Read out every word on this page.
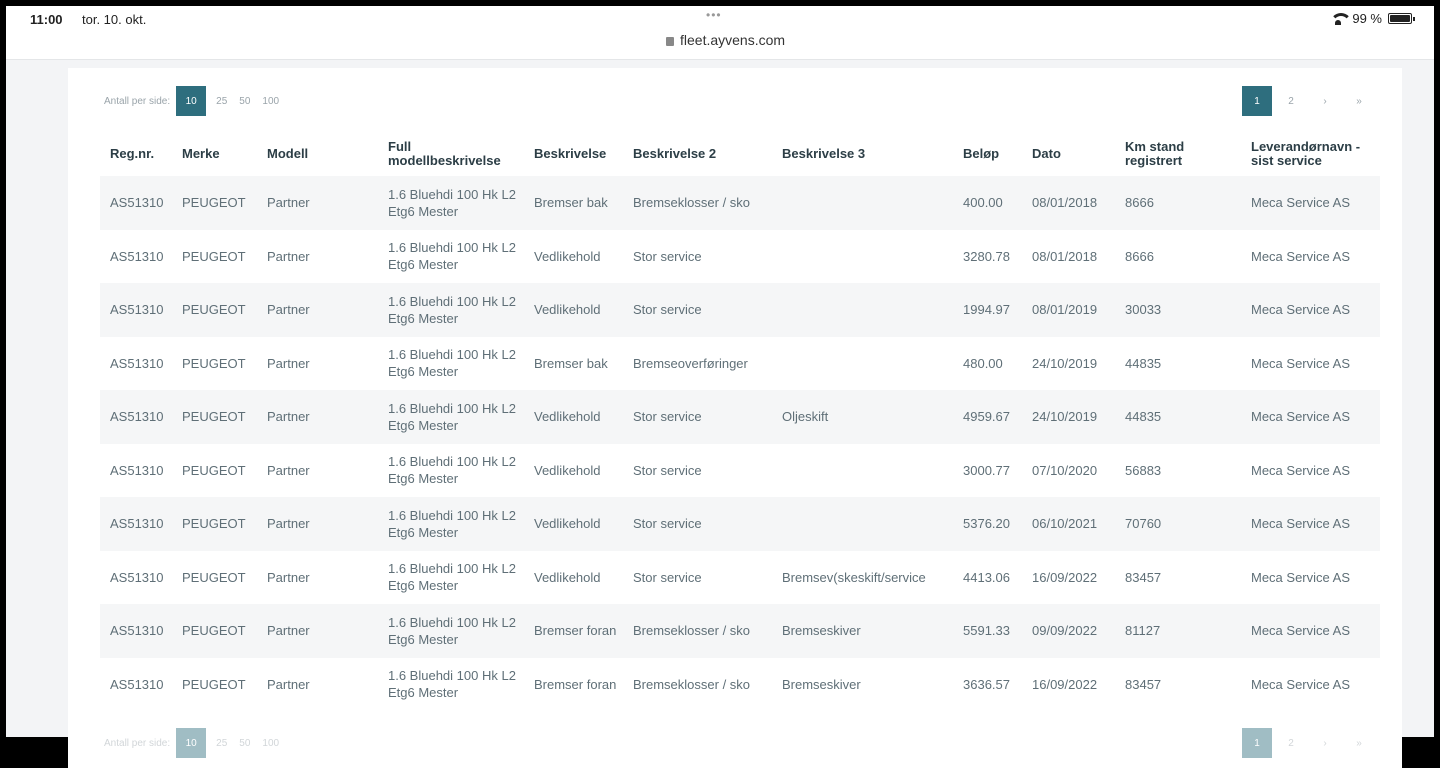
11:00 tor. 10. okt.	•••
fleet.ayvens.com
99 %
Antall per side:	10	25	50	100	1	2	›	»
Reg.nr.	Merke	Modell	Full modellbeskrivelse	Beskrivelse	Beskrivelse 2	Beskrivelse 3	Beløp	Dato	Km stand registrert	Leverandørnavn - sist service
AS51310	PEUGEOT	Partner	1.6 Bluehdi 100 Hk L2 Etg6 Mester	Bremser bak	Bremseklosser / sko		400.00	08/01/2018	8666	Meca Service AS
AS51310	PEUGEOT	Partner	1.6 Bluehdi 100 Hk L2 Etg6 Mester	Vedlikehold	Stor service		3280.78	08/01/2018	8666	Meca Service AS
AS51310	PEUGEOT	Partner	1.6 Bluehdi 100 Hk L2 Etg6 Mester	Vedlikehold	Stor service		1994.97	08/01/2019	30033	Meca Service AS
AS51310	PEUGEOT	Partner	1.6 Bluehdi 100 Hk L2 Etg6 Mester	Bremser bak	Bremseoverføringer		480.00	24/10/2019	44835	Meca Service AS
AS51310	PEUGEOT	Partner	1.6 Bluehdi 100 Hk L2 Etg6 Mester	Vedlikehold	Stor service	Oljeskift	4959.67	24/10/2019	44835	Meca Service AS
AS51310	PEUGEOT	Partner	1.6 Bluehdi 100 Hk L2 Etg6 Mester	Vedlikehold	Stor service		3000.77	07/10/2020	56883	Meca Service AS
AS51310	PEUGEOT	Partner	1.6 Bluehdi 100 Hk L2 Etg6 Mester	Vedlikehold	Stor service		5376.20	06/10/2021	70760	Meca Service AS
AS51310	PEUGEOT	Partner	1.6 Bluehdi 100 Hk L2 Etg6 Mester	Vedlikehold	Stor service	Bremsev(skeskift/service	4413.06	16/09/2022	83457	Meca Service AS
AS51310	PEUGEOT	Partner	1.6 Bluehdi 100 Hk L2 Etg6 Mester	Bremser foran	Bremseklosser / sko	Bremseskiver	5591.33	09/09/2022	81127	Meca Service AS
AS51310	PEUGEOT	Partner	1.6 Bluehdi 100 Hk L2 Etg6 Mester	Bremser foran	Bremseklosser / sko	Bremseskiver	3636.57	16/09/2022	83457	Meca Service AS
Antall per side:	10	25	50	100	1	2	›	»
